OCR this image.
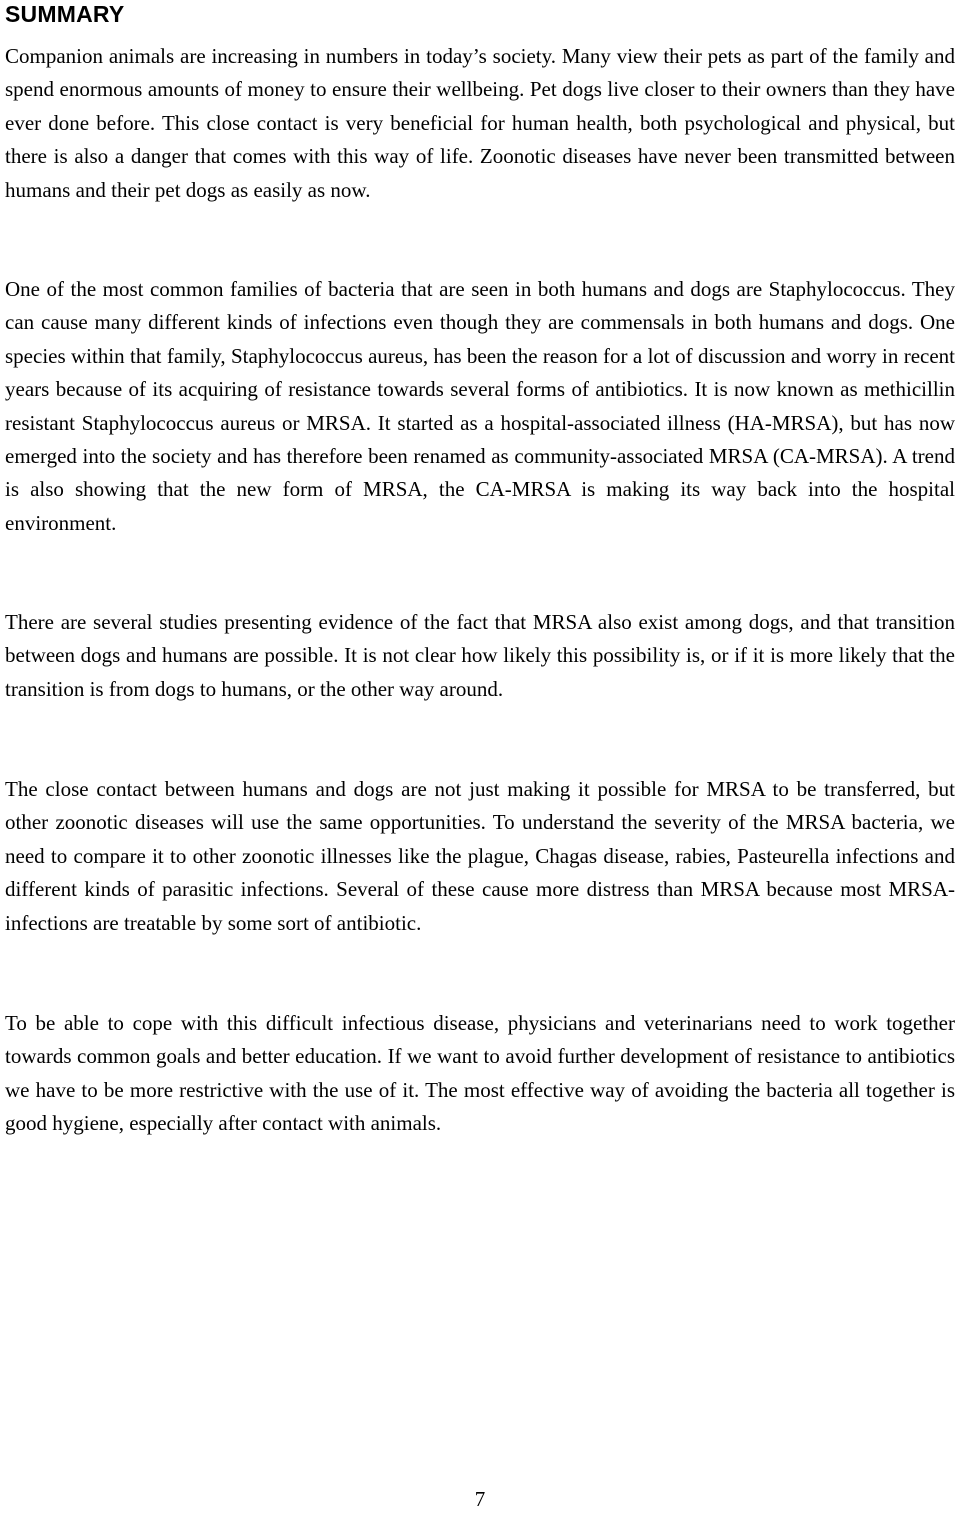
SUMMARY

Companion animals are increasing in numbers in today’s society. Many view their pets as part of the family and spend enormous amounts of money to ensure their wellbeing. Pet dogs live closer to their owners than they have ever done before. This close contact is very beneficial for human health, both psychological and physical, but there is also a danger that comes with this way of life. Zoonotic diseases have never been transmitted between humans and their pet dogs as easily as now.

One of the most common families of bacteria that are seen in both humans and dogs are Staphylococcus. They can cause many different kinds of infections even though they are commensals in both humans and dogs. One species within that family, Staphylococcus aureus, has been the reason for a lot of discussion and worry in recent years because of its acquiring of resistance towards several forms of antibiotics. It is now known as methicillin resistant Staphylococcus aureus or MRSA. It started as a hospital-associated illness (HA-MRSA), but has now emerged into the society and has therefore been renamed as community-associated MRSA (CA-MRSA). A trend is also showing that the new form of MRSA, the CA-MRSA is making its way back into the hospital environment.

There are several studies presenting evidence of the fact that MRSA also exist among dogs, and that transition between dogs and humans are possible. It is not clear how likely this possibility is, or if it is more likely that the transition is from dogs to humans, or the other way around.

The close contact between humans and dogs are not just making it possible for MRSA to be transferred, but other zoonotic diseases will use the same opportunities. To understand the severity of the MRSA bacteria, we need to compare it to other zoonotic illnesses like the plague, Chagas disease, rabies, Pasteurella infections and different kinds of parasitic infections. Several of these cause more distress than MRSA because most MRSA-infections are treatable by some sort of antibiotic.

To be able to cope with this difficult infectious disease, physicians and veterinarians need to work together towards common goals and better education. If we want to avoid further development of resistance to antibiotics we have to be more restrictive with the use of it. The most effective way of avoiding the bacteria all together is good hygiene, especially after contact with animals.

7
